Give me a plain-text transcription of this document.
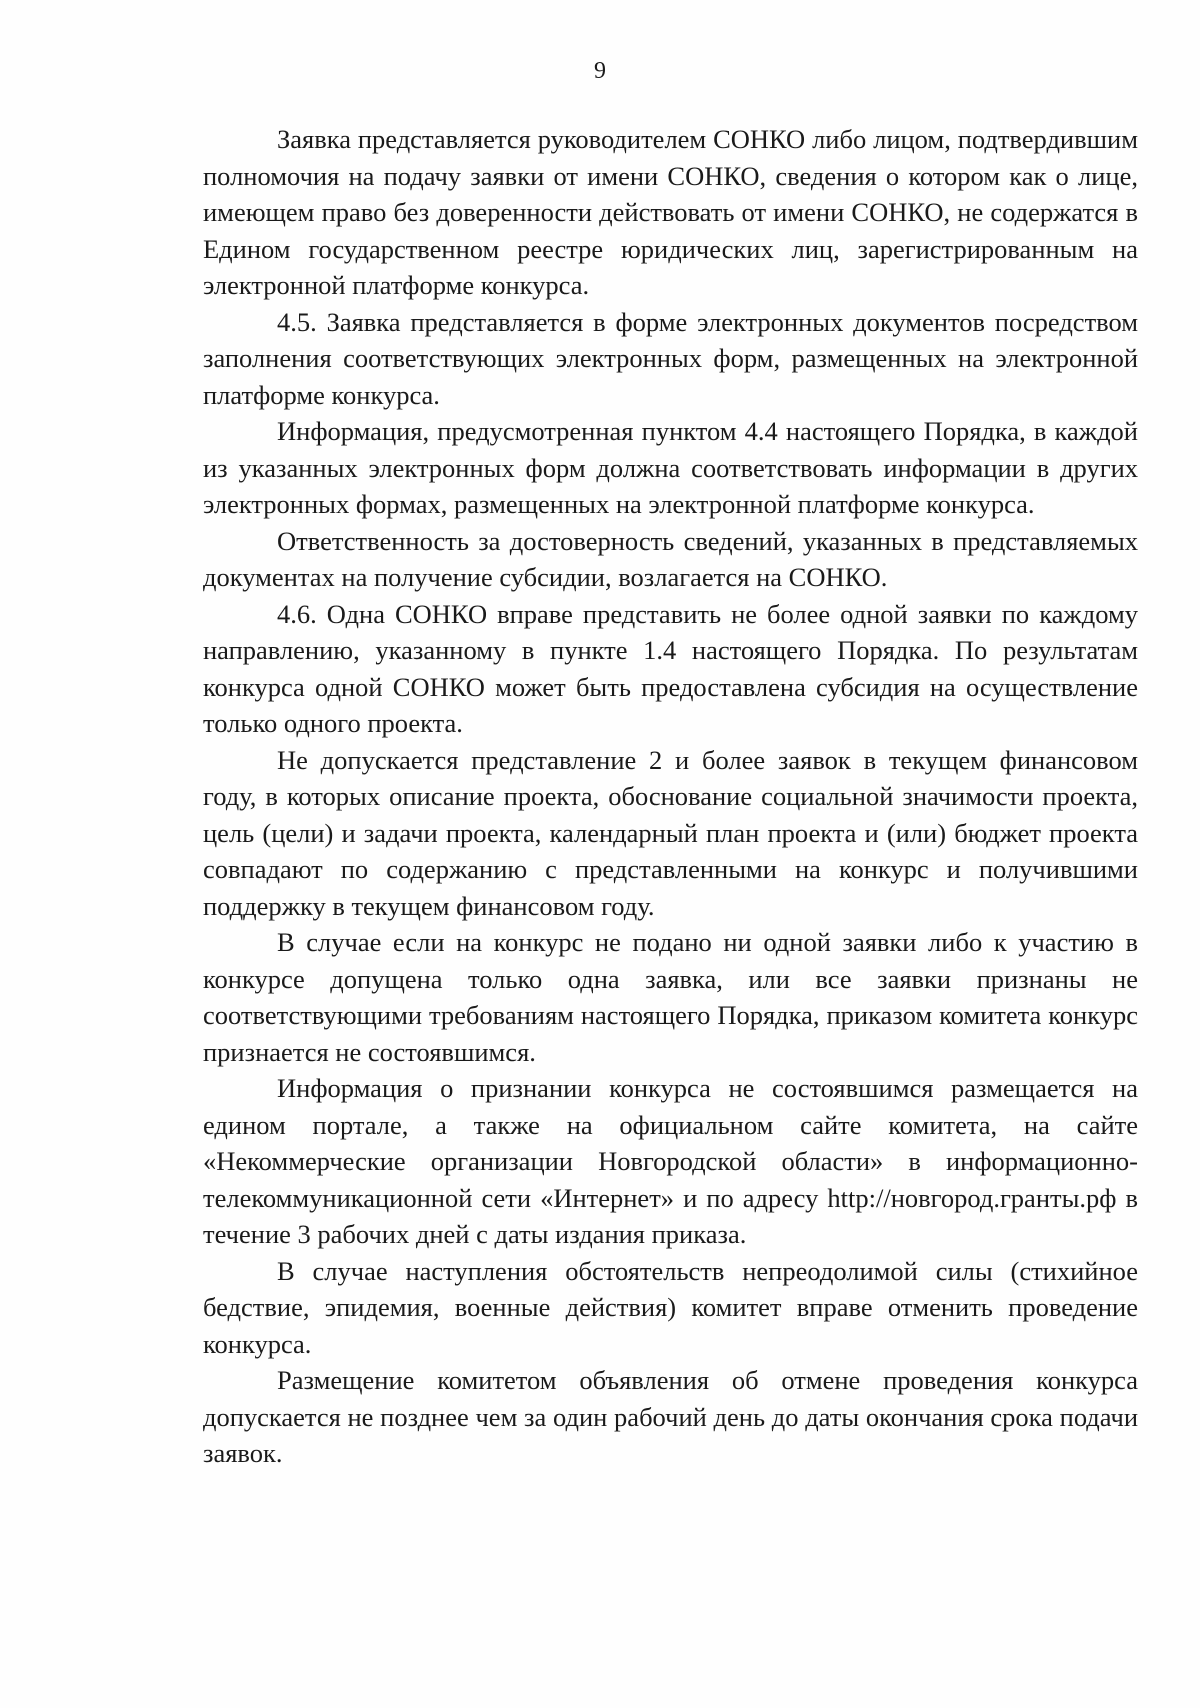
9

Заявка представляется руководителем СОНКО либо лицом, подтвердившим полномочия на подачу заявки от имени СОНКО, сведения о котором как о лице, имеющем право без доверенности действовать от имени СОНКО, не содержатся в Едином государственном реестре юридических лиц, зарегистрированным на электронной платформе конкурса.

4.5. Заявка представляется в форме электронных документов посредством заполнения соответствующих электронных форм, размещенных на электронной платформе конкурса.

Информация, предусмотренная пунктом 4.4 настоящего Порядка, в каждой из указанных электронных форм должна соответствовать информации в других электронных формах, размещенных на электронной платформе конкурса.

Ответственность за достоверность сведений, указанных в представляемых документах на получение субсидии, возлагается на СОНКО.

4.6. Одна СОНКО вправе представить не более одной заявки по каждому направлению, указанному в пункте 1.4 настоящего Порядка. По результатам конкурса одной СОНКО может быть предоставлена субсидия на осуществление только одного проекта.

Не допускается представление 2 и более заявок в текущем финансовом году, в которых описание проекта, обоснование социальной значимости проекта, цель (цели) и задачи проекта, календарный план проекта и (или) бюджет проекта совпадают по содержанию с представленными на конкурс и получившими поддержку в текущем финансовом году.

В случае если на конкурс не подано ни одной заявки либо к участию в конкурсе допущена только одна заявка, или все заявки признаны не соответствующими требованиям настоящего Порядка, приказом комитета конкурс признается не состоявшимся.

Информация о признании конкурса не состоявшимся размещается на едином портале, а также на официальном сайте комитета, на сайте «Некоммерческие организации Новгородской области» в информационно-телекоммуникационной сети «Интернет» и по адресу http://новгород.гранты.рф в течение 3 рабочих дней с даты издания приказа.

В случае наступления обстоятельств непреодолимой силы (стихийное бедствие, эпидемия, военные действия) комитет вправе отменить проведение конкурса.

Размещение комитетом объявления об отмене проведения конкурса допускается не позднее чем за один рабочий день до даты окончания срока подачи заявок.
